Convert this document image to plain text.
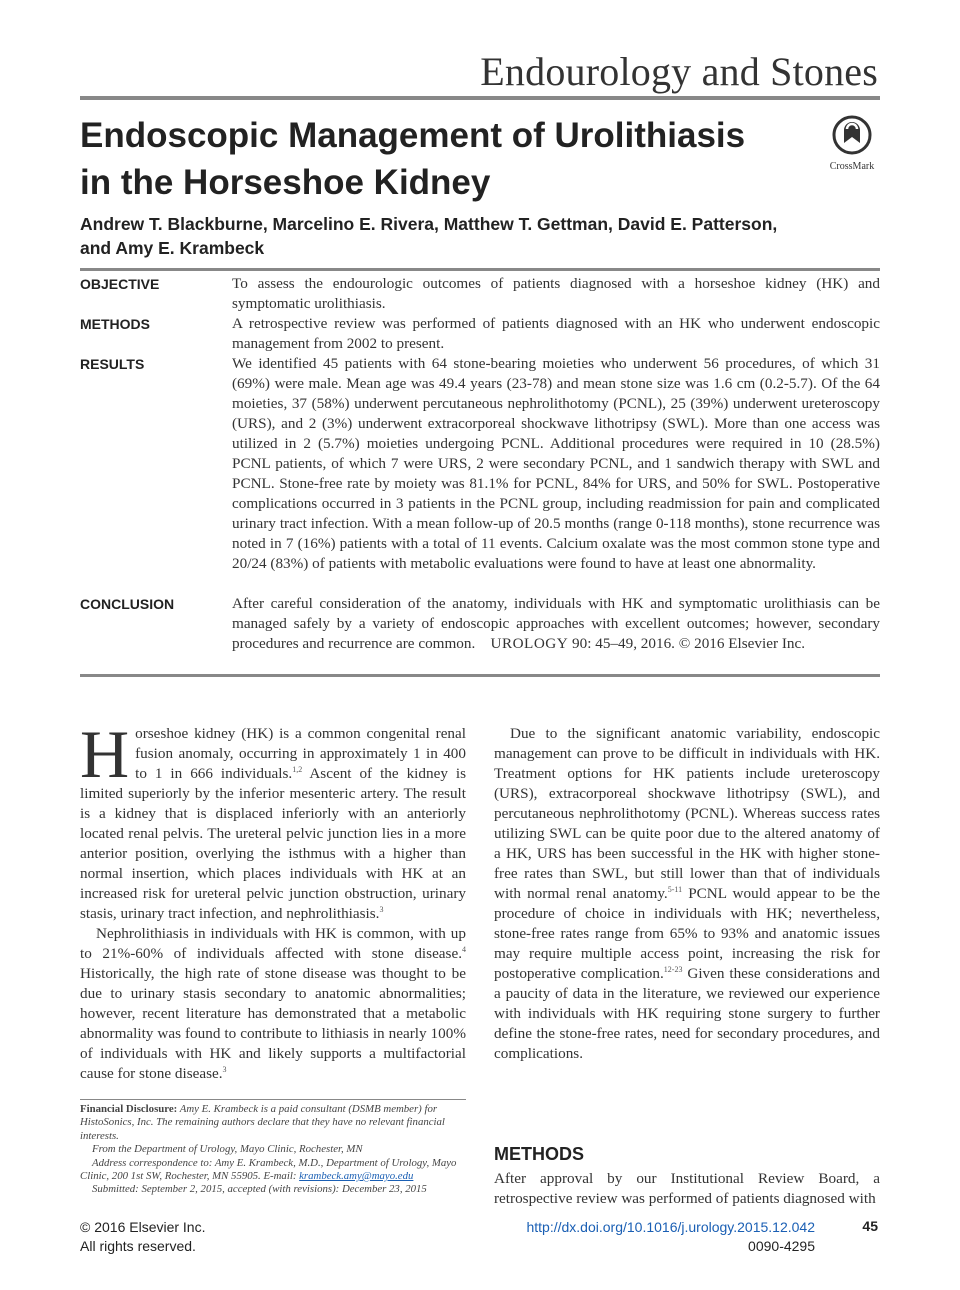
Endourology and Stones
Endoscopic Management of Urolithiasis in the Horseshoe Kidney	CrossMark
Andrew T. Blackburne, Marcelino E. Rivera, Matthew T. Gettman, David E. Patterson,
and Amy E. Krambeck
OBJECTIVE	To assess the endourologic outcomes of patients diagnosed with a horseshoe kidney (HK) and symptomatic urolithiasis.
METHODS	A retrospective review was performed of patients diagnosed with an HK who underwent endoscopic management from 2002 to present.
RESULTS	We identified 45 patients with 64 stone-bearing moieties who underwent 56 procedures, of which 31 (69%) were male. Mean age was 49.4 years (23-78) and mean stone size was 1.6 cm (0.2-5.7). Of the 64 moieties, 37 (58%) underwent percutaneous nephrolithotomy (PCNL), 25 (39%) underwent ureteroscopy (URS), and 2 (3%) underwent extracorporeal shockwave lithotripsy (SWL). More than one access was utilized in 2 (5.7%) moieties undergoing PCNL. Additional procedures were required in 10 (28.5%) PCNL patients, of which 7 were URS, 2 were secondary PCNL, and 1 sandwich therapy with SWL and PCNL. Stone-free rate by moiety was 81.1% for PCNL, 84% for URS, and 50% for SWL. Postoperative complications occurred in 3 patients in the PCNL group, including readmission for pain and complicated urinary tract infection. With a mean follow-up of 20.5 months (range 0-118 months), stone recurrence was noted in 7 (16%) patients with a total of 11 events. Calcium oxalate was the most common stone type and 20/24 (83%) of patients with metabolic evaluations were found to have at least one abnormality.
CONCLUSION	After careful consideration of the anatomy, individuals with HK and symptomatic urolithiasis can be managed safely by a variety of endoscopic approaches with excellent outcomes; however, secondary procedures and recurrence are common. UROLOGY 90: 45–49, 2016. © 2016 Elsevier Inc.

Horseshoe kidney (HK) is a common congenital renal fusion anomaly, occurring in approximately 1 in 400 to 1 in 666 individuals.$^{1,2}$ Ascent of the kidney is limited superiorly by the inferior mesenteric artery. The result is a kidney that is displaced inferiorly with an anteriorly located renal pelvis. The ureteral pelvic junction lies in a more anterior position, overlying the isthmus with a higher than normal insertion, which places individuals with HK at an increased risk for ureteral pelvic junction obstruction, urinary stasis, urinary tract infection, and nephrolithiasis.$^3$

Nephrolithiasis in individuals with HK is common, with up to 21%-60% of individuals affected with stone disease.$^4$ Historically, the high rate of stone disease was thought to be due to urinary stasis secondary to anatomic abnormalities; however, recent literature has demonstrated that a metabolic abnormality was found to contribute to lithiasis in nearly 100% of individuals with HK and likely supports a multifactorial cause for stone disease.$^3$

Due to the significant anatomic variability, endoscopic management can prove to be difficult in individuals with HK. Treatment options for HK patients include ureteroscopy (URS), extracorporeal shockwave lithotripsy (SWL), and percutaneous nephrolithotomy (PCNL). Whereas success rates utilizing SWL can be quite poor due to the altered anatomy of a HK, URS has been successful in the HK with higher stone-free rates than SWL, but still lower than that of individuals with normal renal anatomy.$^{5-11}$ PCNL would appear to be the procedure of choice in individuals with HK; nevertheless, stone-free rates range from 65% to 93% and anatomic issues may require multiple access point, increasing the risk for postoperative complication.$^{12-23}$ Given these considerations and a paucity of data in the literature, we reviewed our experience with individuals with HK requiring stone surgery to further define the stone-free rates, need for secondary procedures, and complications.

METHODS
After approval by our Institutional Review Board, a retrospective review was performed of patients diagnosed with

Financial Disclosure: Amy E. Krambeck is a paid consultant (DSMB member) for HistoSonics, Inc. The remaining authors declare that they have no relevant financial interests.

From the Department of Urology, Mayo Clinic, Rochester, MN

Address correspondence to: Amy E. Krambeck, M.D., Department of Urology, Mayo Clinic, 200 1st SW, Rochester, MN 55905. E-mail: krambeck.amy@mayo.edu

Submitted: September 2, 2015, accepted (with revisions): December 23, 2015

© 2016 Elsevier Inc.
All rights reserved.
http://dx.doi.org/10.1016/j.urology.2015.12.042
0090-4295
45
